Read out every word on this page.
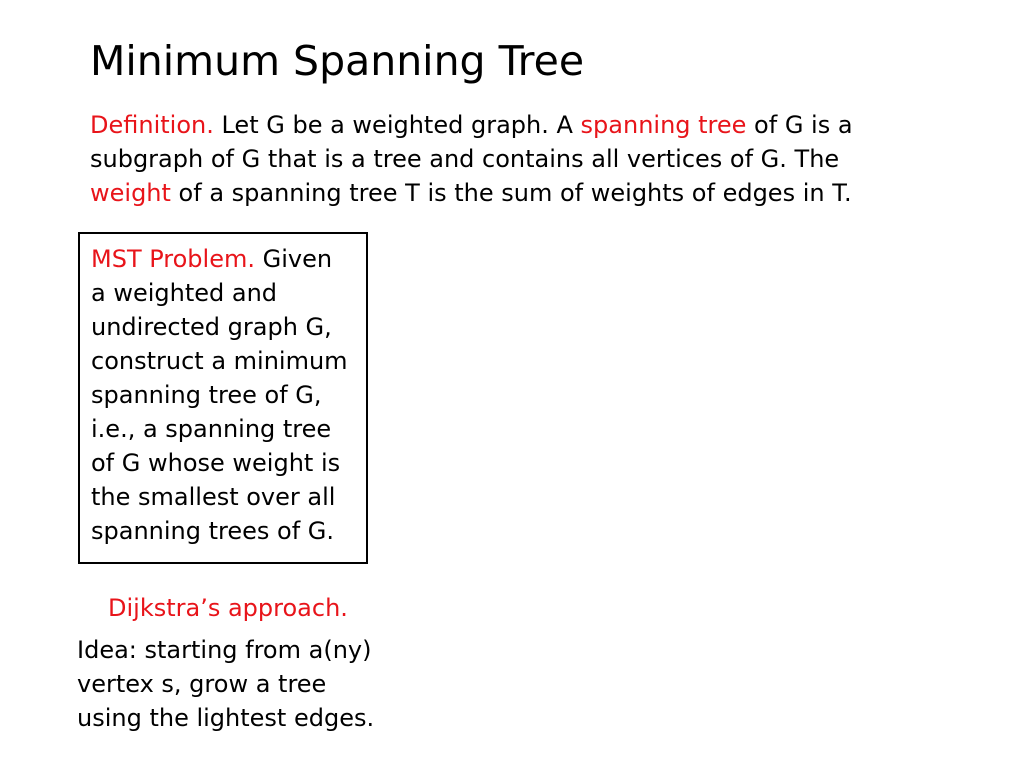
Minimum Spanning Tree

Definition. Let G be a weighted graph. A spanning tree of G is a
subgraph of G that is a tree and contains all vertices of G. The
weight of a spanning tree T is the sum of weights of edges in T.

MST Problem. Given
a weighted and
undirected graph G,
construct a minimum
spanning tree of G,
i.e., a spanning tree
of G whose weight is
the smallest over all
spanning trees of G.

Dijkstra’s approach.

Idea: starting from a(ny)
vertex s, grow a tree
using the lightest edges.
